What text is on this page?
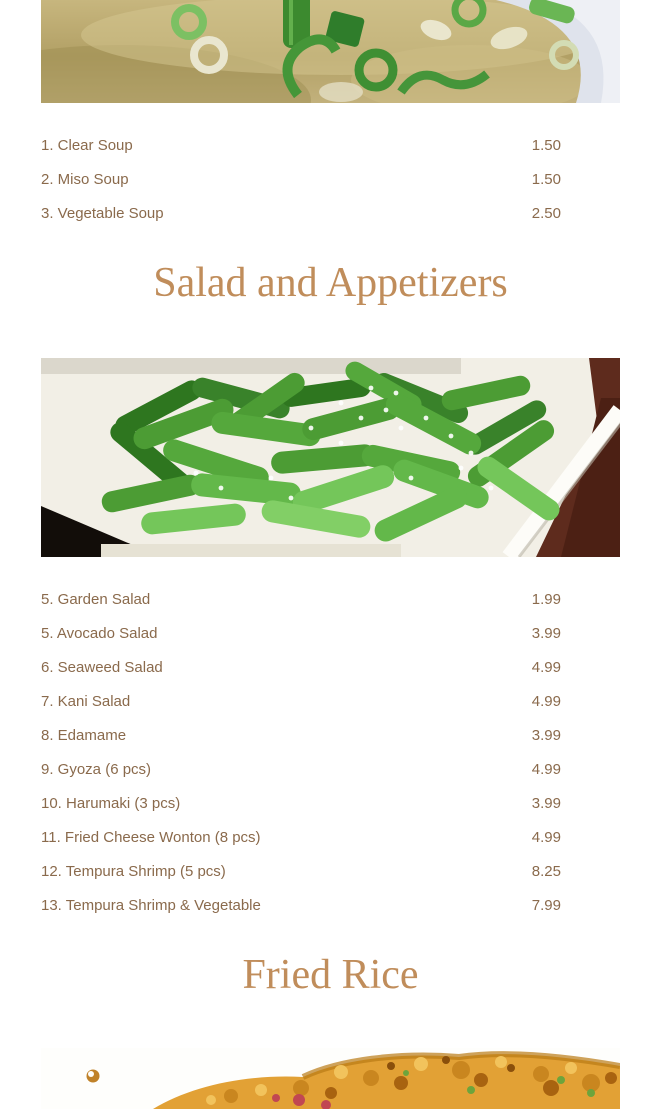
1. Clear Soup	1.50
2. Miso Soup	1.50
3. Vegetable Soup	2.50
Salad and Appetizers
5. Garden Salad	1.99
5. Avocado Salad	3.99
6. Seaweed Salad	4.99
7. Kani Salad	4.99
8. Edamame	3.99
9. Gyoza (6 pcs)	4.99
10. Harumaki (3 pcs)	3.99
11. Fried Cheese Wonton (8 pcs)	4.99
12. Tempura Shrimp (5 pcs)	8.25
13. Tempura Shrimp & Vegetable	7.99
Fried Rice
